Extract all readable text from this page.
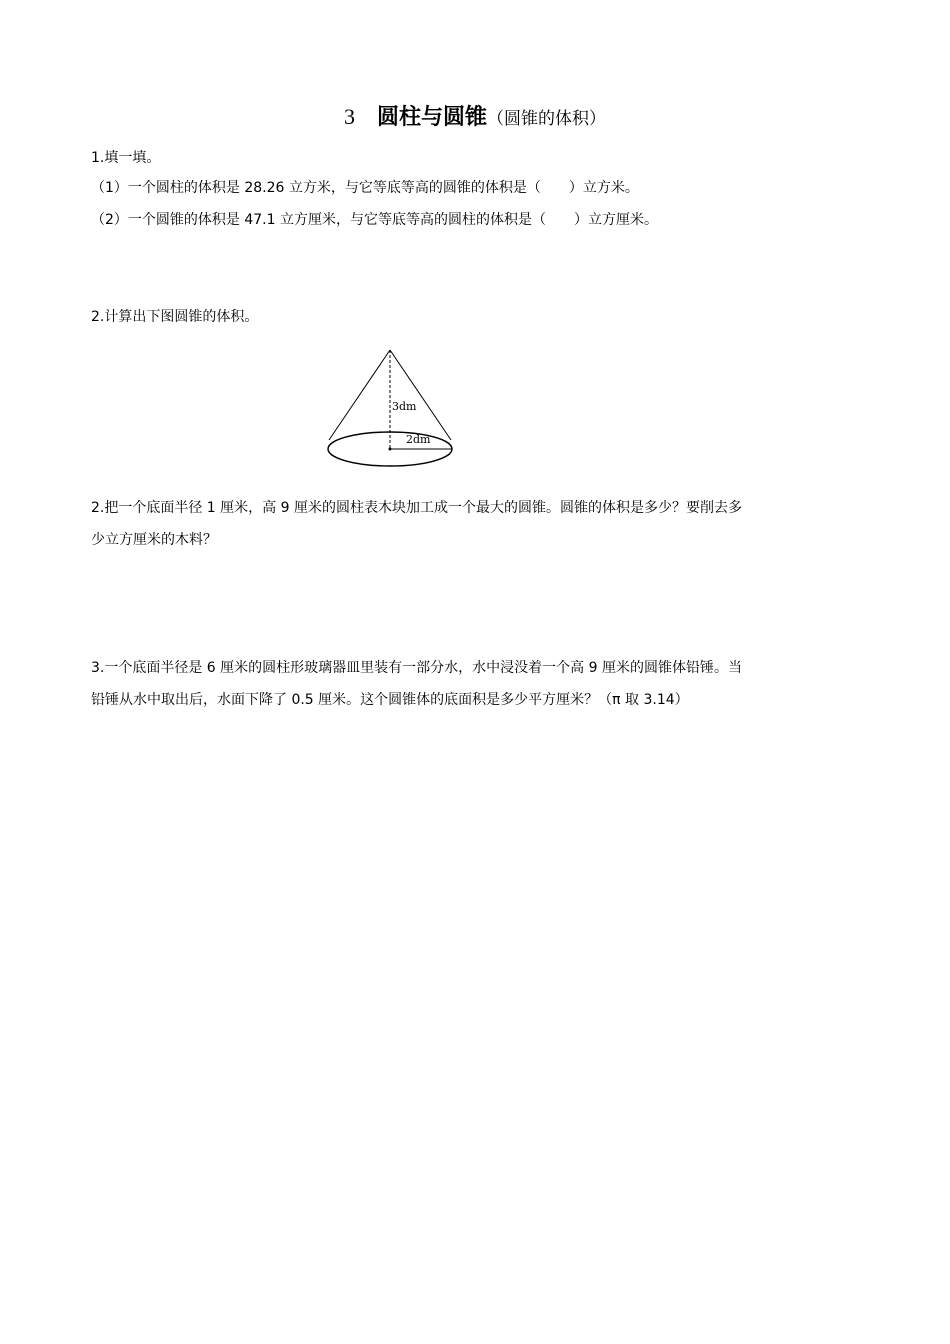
3 圆柱与圆锥（圆锥的体积）
1.填一填。
（1）一个圆柱的体积是 28.26 立方米，与它等底等高的圆锥的体积是（　　）立方米。
（2）一个圆锥的体积是 47.1 立方厘米，与它等底等高的圆柱的体积是（　　）立方厘米。
2.计算出下图圆锥的体积。
3dm
2dm
2.把一个底面半径 1 厘米，高 9 厘米的圆柱表木块加工成一个最大的圆锥。圆锥的体积是多少？要削去多
少立方厘米的木料？
3.一个底面半径是 6 厘米的圆柱形玻璃器皿里装有一部分水，水中浸没着一个高 9 厘米的圆锥体铅锤。当
铅锤从水中取出后，水面下降了 0.5 厘米。这个圆锥体的底面积是多少平方厘米？（π 取 3.14）
